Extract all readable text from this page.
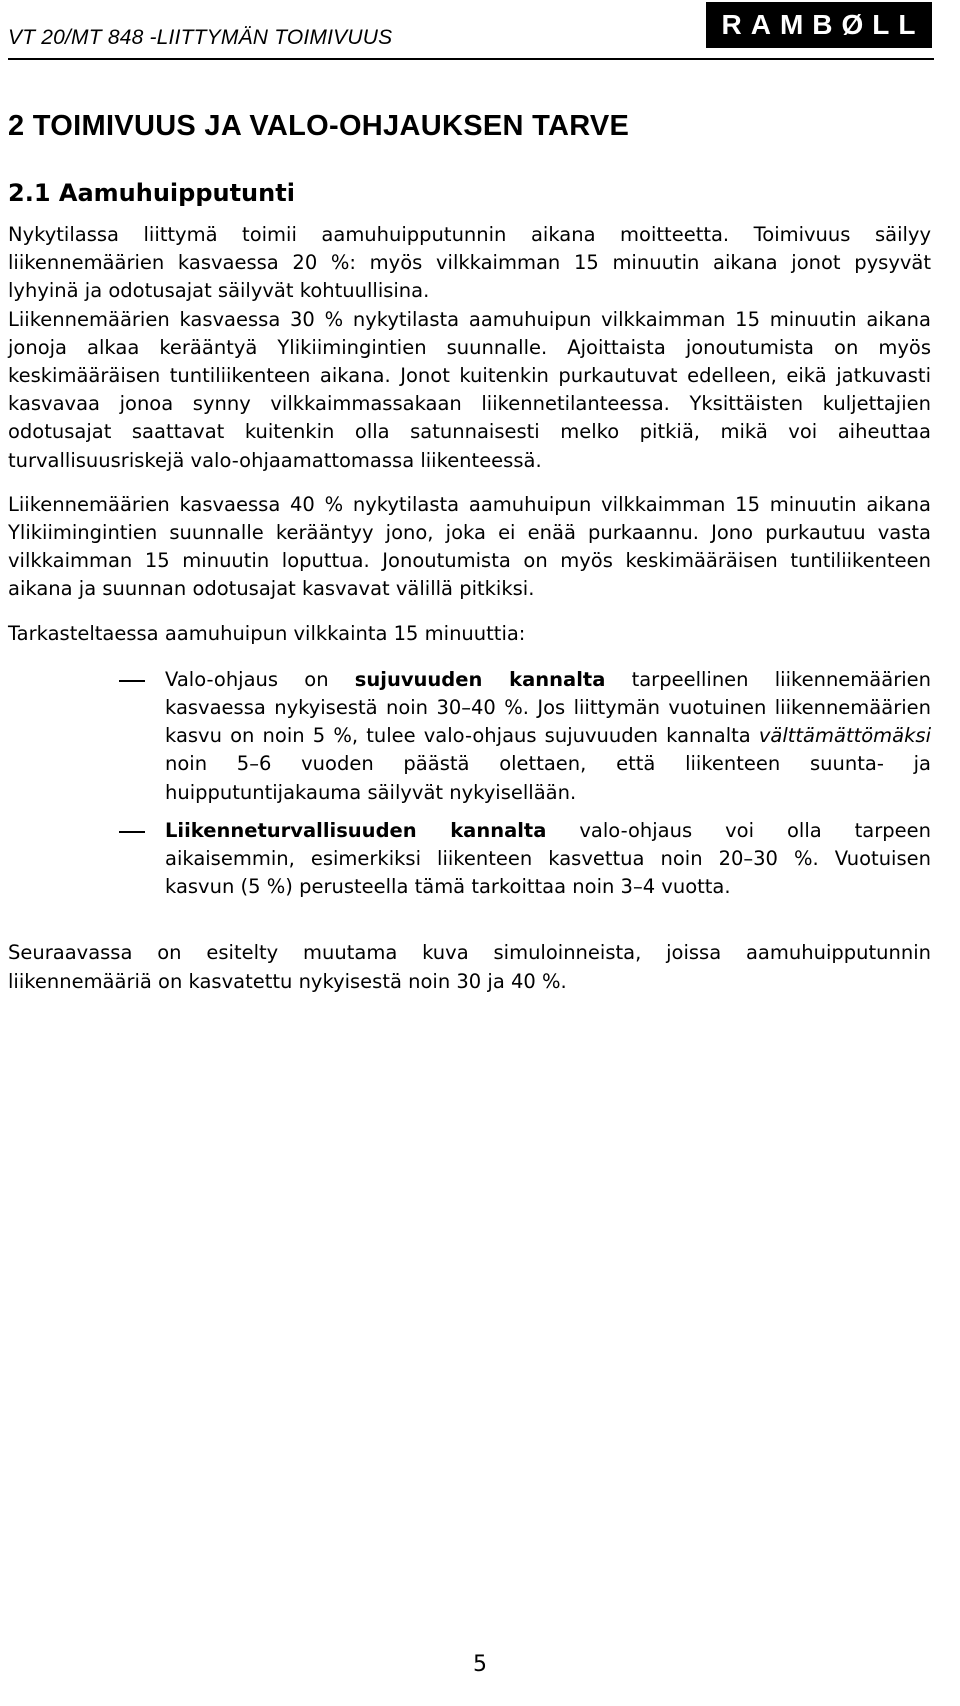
VT 20/MT 848 -LIITTYMÄN TOIMIVUUS	RAMBØLL
2 TOIMIVUUS JA VALO-OHJAUKSEN TARVE
2.1 Aamuhuipputunti

Nykytilassa liittymä toimii aamuhuipputunnin aikana moitteetta. Toimivuus säilyy liikennemäärien kasvaessa 20 %: myös vilkkaimman 15 minuutin aikana jonot pysyvät lyhyinä ja odotusajat säilyvät kohtuullisina.

Liikennemäärien kasvaessa 30 % nykytilasta aamuhuipun vilkkaimman 15 minuutin aikana jonoja alkaa kerääntyä Ylikiimingintien suunnalle. Ajoittaista jonoutumista on myös keskimääräisen tuntiliikenteen aikana. Jonot kuitenkin purkautuvat edelleen, eikä jatkuvasti kasvavaa jonoa synny vilkkaimmassakaan liikennetilanteessa. Yksittäisten kuljettajien odotusajat saattavat kuitenkin olla satunnaisesti melko pitkiä, mikä voi aiheuttaa turvallisuusriskejä valo-ohjaamattomassa liikenteessä.

Liikennemäärien kasvaessa 40 % nykytilasta aamuhuipun vilkkaimman 15 minuutin aikana Ylikiimingintien suunnalle kerääntyy jono, joka ei enää purkaannu. Jono purkautuu vasta vilkkaimman 15 minuutin loputtua. Jonoutumista on myös keskimääräisen tuntiliikenteen aikana ja suunnan odotusajat kasvavat välillä pitkiksi.

Tarkasteltaessa aamuhuipun vilkkainta 15 minuuttia:

Valo-ohjaus on sujuvuuden kannalta tarpeellinen liikennemäärien kasvaessa nykyisestä noin 30–40 %. Jos liittymän vuotuinen liikennemäärien kasvu on noin 5 %, tulee valo-ohjaus sujuvuuden kannalta välttämättömäksi noin 5–6 vuoden päästä olettaen, että liikenteen suunta- ja huipputuntijakauma säilyvät nykyisellään.
Liikenneturvallisuuden kannalta valo-ohjaus voi olla tarpeen aikaisemmin, esimerkiksi liikenteen kasvettua noin 20–30 %. Vuotuisen kasvun (5 %) perusteella tämä tarkoittaa noin 3–4 vuotta.

Seuraavassa on esitelty muutama kuva simuloinneista, joissa aamuhuipputunnin liikennemääriä on kasvatettu nykyisestä noin 30 ja 40 %.

5
